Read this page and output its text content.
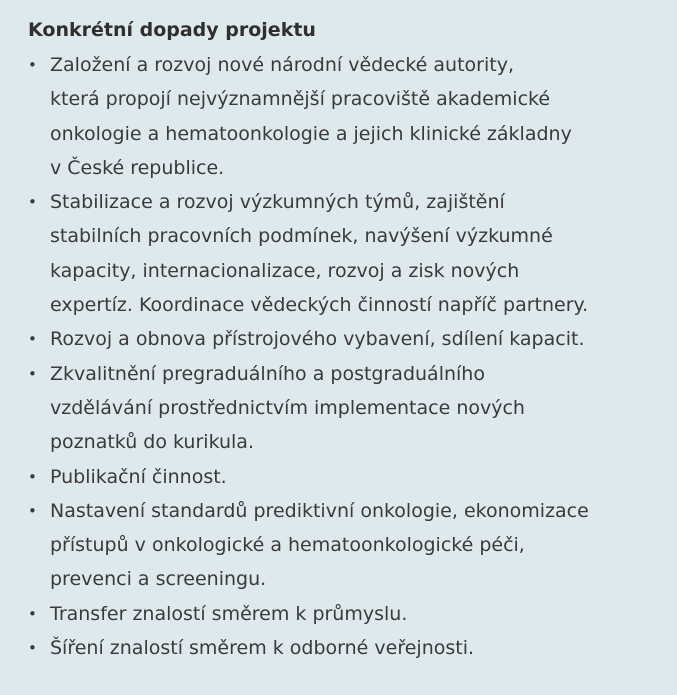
Konkrétní dopady projektu
• Založení a rozvoj nové národní vědecké autority,
která propojí nejvýznamnější pracoviště akademické
onkologie a hematoonkologie a jejich klinické základny
v České republice.
• Stabilizace a rozvoj výzkumných týmů, zajištění
stabilních pracovních podmínek, navýšení výzkumné
kapacity, internacionalizace, rozvoj a zisk nových
expertíz. Koordinace vědeckých činností napříč partnery.
• Rozvoj a obnova přístrojového vybavení, sdílení kapacit.
• Zkvalitnění pregraduálního a postgraduálního
vzdělávání prostřednictvím implementace nových
poznatků do kurikula.
• Publikační činnost.
• Nastavení standardů prediktivní onkologie, ekonomizace
přístupů v onkologické a hematoonkologické péči,
prevenci a screeningu.
• Transfer znalostí směrem k průmyslu.
• Šíření znalostí směrem k odborné veřejnosti.
